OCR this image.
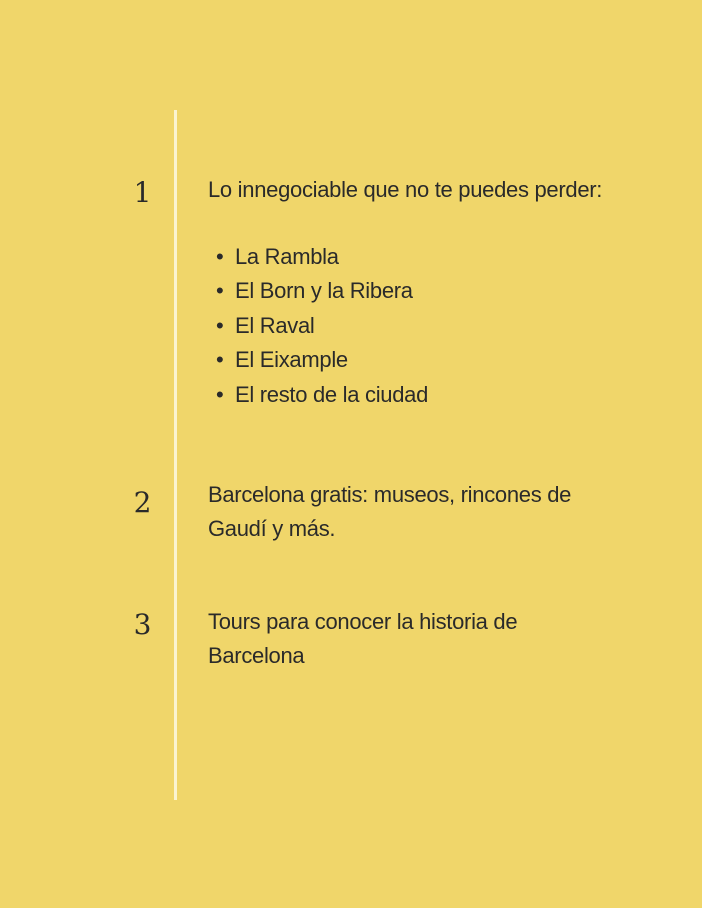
1	Lo innegociable que no te puedes perder:
• La Rambla
• El Born y la Ribera
• El Raval
• El Eixample
• El resto de la ciudad
2	Barcelona gratis: museos, rincones de Gaudí y más.
3	Tours para conocer la historia de Barcelona
